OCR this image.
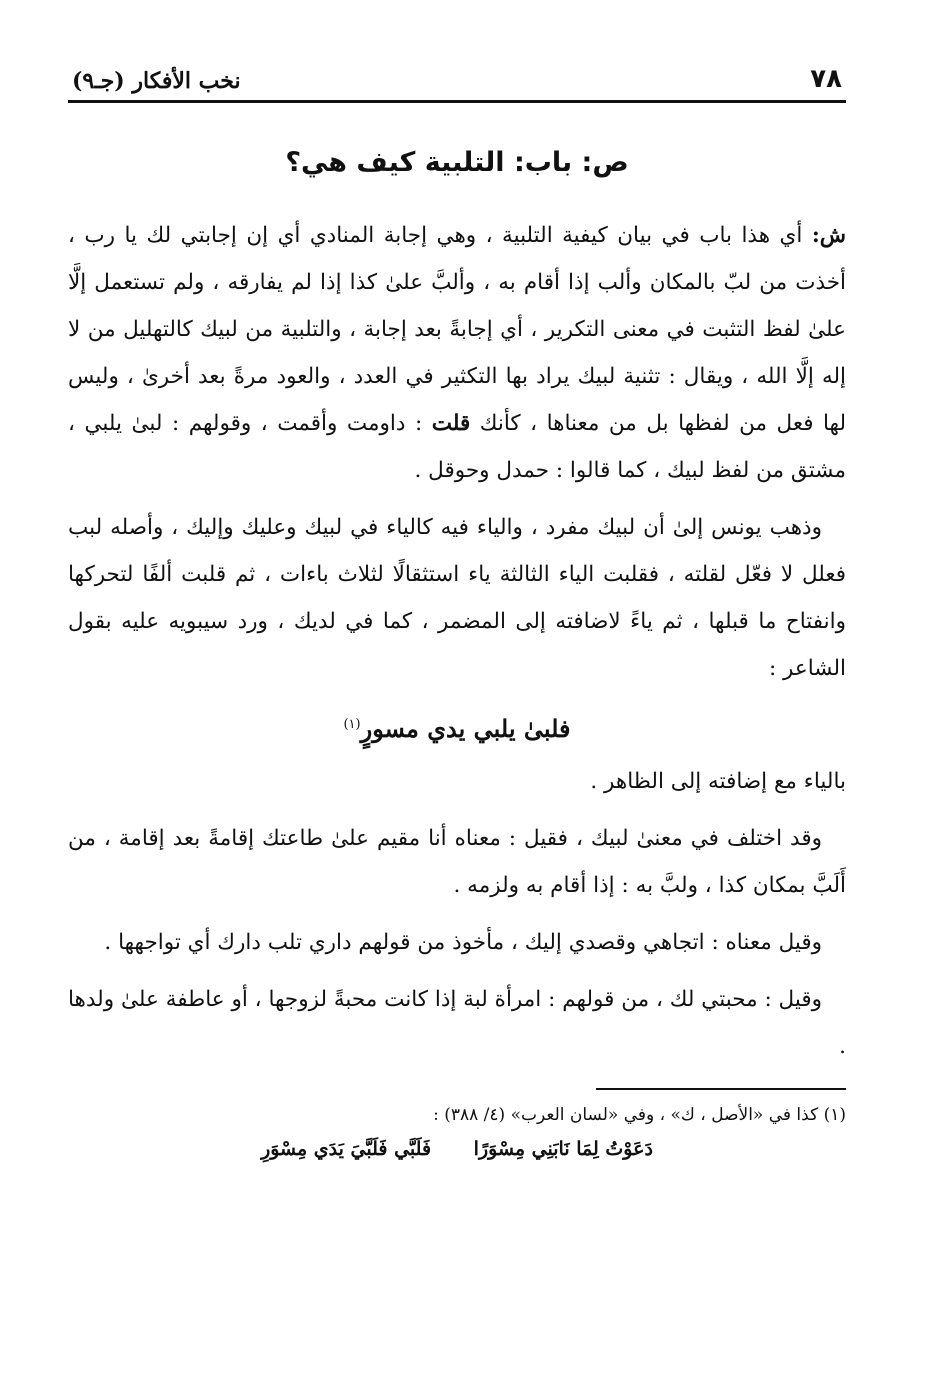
٧٨
نخب الأفكار (جـ٩)
ص: باب: التلبية كيف هي؟

ش: أي هذا باب في بيان كيفية التلبية ، وهي إجابة المنادي أي إن إجابتي لك يا رب ، أخذت من لبّ بالمكان وألب إذا أقام به ، وألبَّ علىٰ كذا إذا لم يفارقه ، ولم تستعمل إلَّا علىٰ لفظ التثبت في معنى التكرير ، أي إجابةً بعد إجابة ، والتلبية من لبيك كالتهليل من لا إله إلَّا الله ، ويقال : تثنية لبيك يراد بها التكثير في العدد ، والعود مرةً بعد أخرىٰ ، وليس لها فعل من لفظها بل من معناها ، كأنك قلت : داومت وأقمت ، وقولهم : لبىٰ يلبي ، مشتق من لفظ لبيك ، كما قالوا : حمدل وحوقل .

وذهب يونس إلىٰ أن لبيك مفرد ، والياء فيه كالياء في لبيك وعليك وإليك ، وأصله لبب فعلل لا فعّل لقلته ، فقلبت الياء الثالثة ياء استثقالًا لثلاث باءات ، ثم قلبت ألفًا لتحركها وانفتاح ما قبلها ، ثم ياءً لاضافته إلى المضمر ، كما في لديك ، ورد سيبويه عليه بقول الشاعر :

فلبىٰ يلبي يدي مسورٍ$^{(١)}$

بالياء مع إضافته إلى الظاهر .

وقد اختلف في معنىٰ لبيك ، فقيل : معناه أنا مقيم علىٰ طاعتك إقامةً بعد إقامة ، من أَلَبَّ بمكان كذا ، ولبَّ به : إذا أقام به ولزمه .

وقيل معناه : اتجاهي وقصدي إليك ، مأخوذ من قولهم داري تلب دارك أي تواجهها .

وقيل : محبتي لك ، من قولهم : امرأة لبة إذا كانت محبةً لزوجها ، أو عاطفة علىٰ ولدها .

(١) كذا في «الأصل ، ك» ، وفي «لسان العرب» (٤/ ٣٨٨) :
دَعَوْتُ لِمَا نَابَنِي مِسْوَرًا فَلَبَّي فَلَبَّيَ يَدَي مِسْوَرِ
